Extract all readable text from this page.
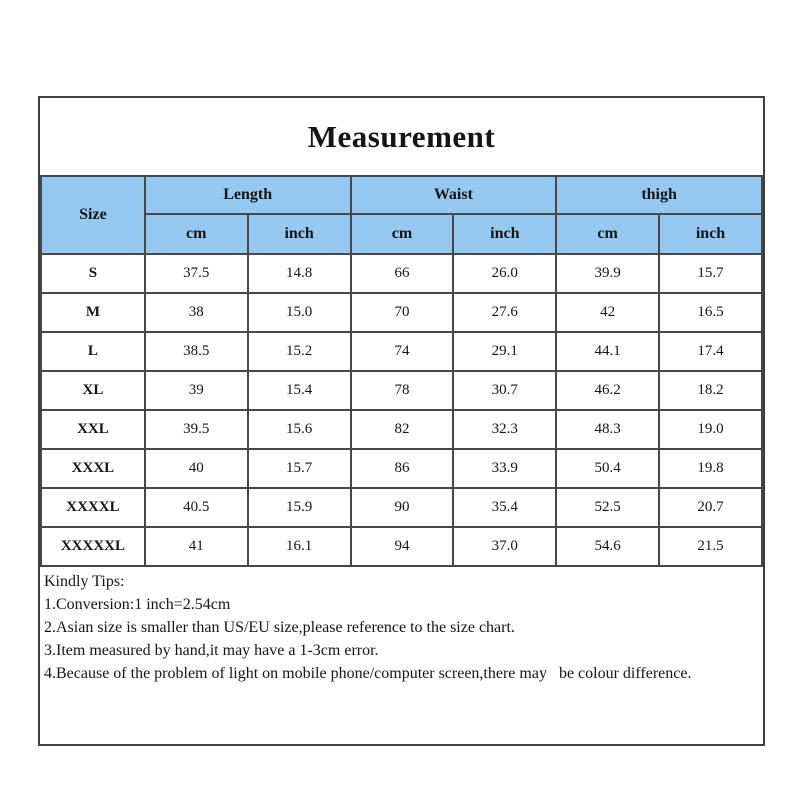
Measurement
Size	Length		Waist		thigh	
	cm	inch	cm	inch	cm	inch
S	37.5	14.8	66	26.0	39.9	15.7
M	38	15.0	70	27.6	42	16.5
L	38.5	15.2	74	29.1	44.1	17.4
XL	39	15.4	78	30.7	46.2	18.2
XXL	39.5	15.6	82	32.3	48.3	19.0
XXXL	40	15.7	86	33.9	50.4	19.8
XXXXL	40.5	15.9	90	35.4	52.5	20.7
XXXXXL	41	16.1	94	37.0	54.6	21.5
Kindly Tips:
1.Conversion:1 inch=2.54cm
2.Asian size is smaller than US/EU size,please reference to the size chart.
3.Item measured by hand,it may have a 1-3cm error.
4.Because of the problem of light on mobile phone/computer screen,there may   be colour difference.
